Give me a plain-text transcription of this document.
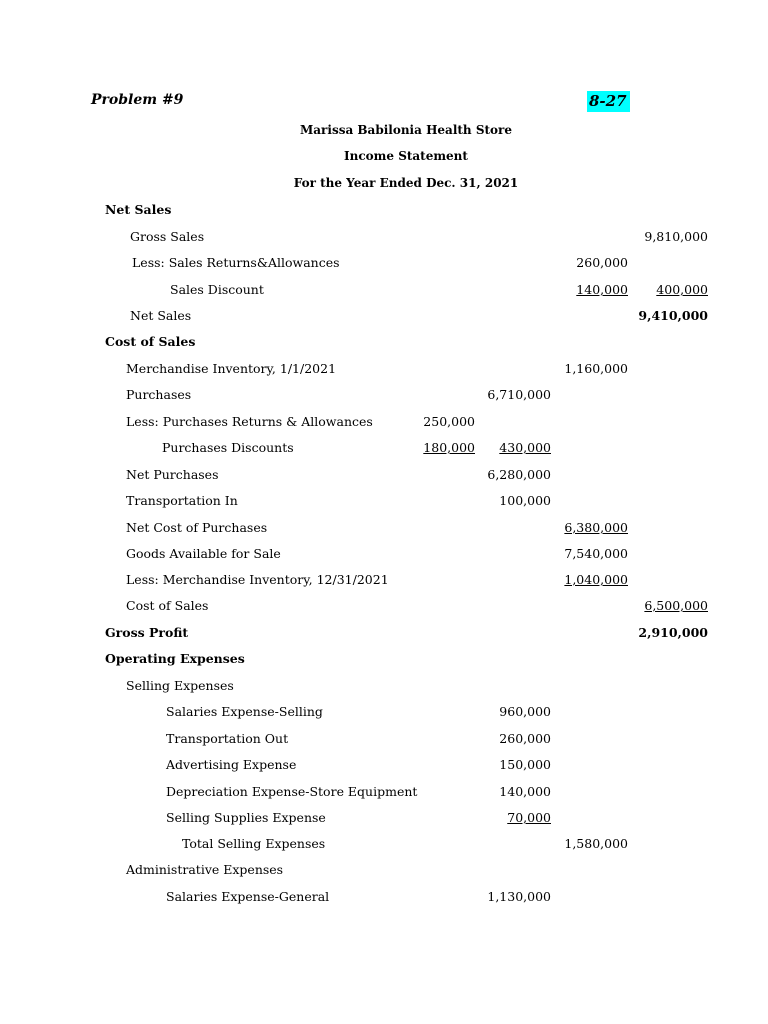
Problem #9	8-27
Marissa Babilonia Health Store
Income Statement
For the Year Ended Dec. 31, 2021
Net Sales
Gross Sales	9,810,000
Less: Sales Returns&Allowances	260,000
Sales Discount	140,000 400,000
Net Sales	9,410,000
Cost of Sales
Merchandise Inventory, 1/1/2021	1,160,000
Purchases	6,710,000
Less: Purchases Returns & Allowances	250,000
Purchases Discounts	180,000 430,000
Net Purchases	6,280,000
Transportation In	100,000
Net Cost of Purchases	6,380,000
Goods Available for Sale	7,540,000
Less: Merchandise Inventory, 12/31/2021	1,040,000
Cost of Sales	6,500,000
Gross Profit	2,910,000
Operating Expenses
Selling Expenses
Salaries Expense-Selling	960,000
Transportation Out	260,000
Advertising Expense	150,000
Depreciation Expense-Store Equipment	140,000
Selling Supplies Expense	70,000
Total Selling Expenses	1,580,000
Administrative Expenses
Salaries Expense-General	1,130,000
